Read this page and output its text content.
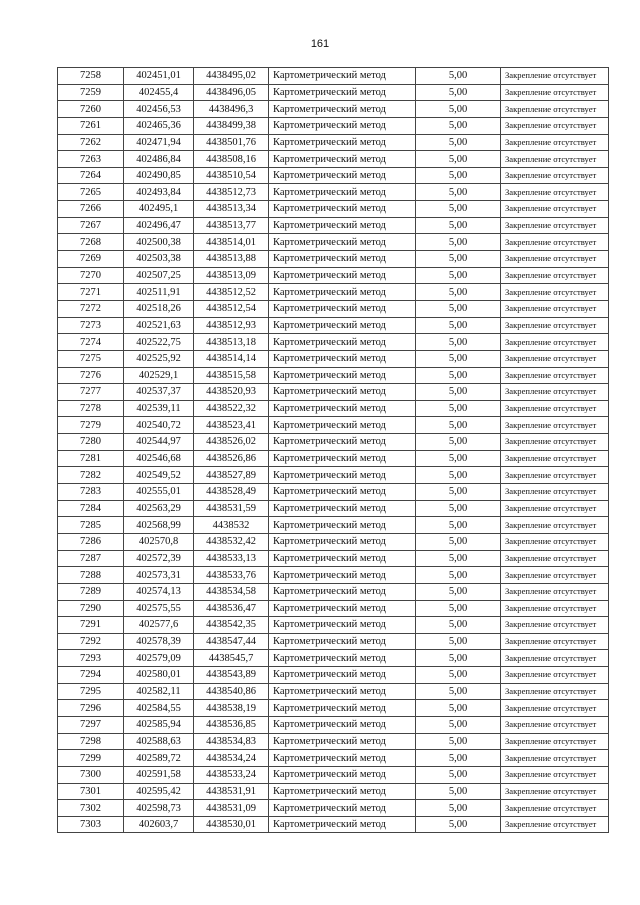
161
7258	402451,01	4438495,02	Картометрический метод	5,00	Закрепление отсутствует
7259	402455,4	4438496,05	Картометрический метод	5,00	Закрепление отсутствует
7260	402456,53	4438496,3	Картометрический метод	5,00	Закрепление отсутствует
7261	402465,36	4438499,38	Картометрический метод	5,00	Закрепление отсутствует
7262	402471,94	4438501,76	Картометрический метод	5,00	Закрепление отсутствует
7263	402486,84	4438508,16	Картометрический метод	5,00	Закрепление отсутствует
7264	402490,85	4438510,54	Картометрический метод	5,00	Закрепление отсутствует
7265	402493,84	4438512,73	Картометрический метод	5,00	Закрепление отсутствует
7266	402495,1	4438513,34	Картометрический метод	5,00	Закрепление отсутствует
7267	402496,47	4438513,77	Картометрический метод	5,00	Закрепление отсутствует
7268	402500,38	4438514,01	Картометрический метод	5,00	Закрепление отсутствует
7269	402503,38	4438513,88	Картометрический метод	5,00	Закрепление отсутствует
7270	402507,25	4438513,09	Картометрический метод	5,00	Закрепление отсутствует
7271	402511,91	4438512,52	Картометрический метод	5,00	Закрепление отсутствует
7272	402518,26	4438512,54	Картометрический метод	5,00	Закрепление отсутствует
7273	402521,63	4438512,93	Картометрический метод	5,00	Закрепление отсутствует
7274	402522,75	4438513,18	Картометрический метод	5,00	Закрепление отсутствует
7275	402525,92	4438514,14	Картометрический метод	5,00	Закрепление отсутствует
7276	402529,1	4438515,58	Картометрический метод	5,00	Закрепление отсутствует
7277	402537,37	4438520,93	Картометрический метод	5,00	Закрепление отсутствует
7278	402539,11	4438522,32	Картометрический метод	5,00	Закрепление отсутствует
7279	402540,72	4438523,41	Картометрический метод	5,00	Закрепление отсутствует
7280	402544,97	4438526,02	Картометрический метод	5,00	Закрепление отсутствует
7281	402546,68	4438526,86	Картометрический метод	5,00	Закрепление отсутствует
7282	402549,52	4438527,89	Картометрический метод	5,00	Закрепление отсутствует
7283	402555,01	4438528,49	Картометрический метод	5,00	Закрепление отсутствует
7284	402563,29	4438531,59	Картометрический метод	5,00	Закрепление отсутствует
7285	402568,99	4438532	Картометрический метод	5,00	Закрепление отсутствует
7286	402570,8	4438532,42	Картометрический метод	5,00	Закрепление отсутствует
7287	402572,39	4438533,13	Картометрический метод	5,00	Закрепление отсутствует
7288	402573,31	4438533,76	Картометрический метод	5,00	Закрепление отсутствует
7289	402574,13	4438534,58	Картометрический метод	5,00	Закрепление отсутствует
7290	402575,55	4438536,47	Картометрический метод	5,00	Закрепление отсутствует
7291	402577,6	4438542,35	Картометрический метод	5,00	Закрепление отсутствует
7292	402578,39	4438547,44	Картометрический метод	5,00	Закрепление отсутствует
7293	402579,09	4438545,7	Картометрический метод	5,00	Закрепление отсутствует
7294	402580,01	4438543,89	Картометрический метод	5,00	Закрепление отсутствует
7295	402582,11	4438540,86	Картометрический метод	5,00	Закрепление отсутствует
7296	402584,55	4438538,19	Картометрический метод	5,00	Закрепление отсутствует
7297	402585,94	4438536,85	Картометрический метод	5,00	Закрепление отсутствует
7298	402588,63	4438534,83	Картометрический метод	5,00	Закрепление отсутствует
7299	402589,72	4438534,24	Картометрический метод	5,00	Закрепление отсутствует
7300	402591,58	4438533,24	Картометрический метод	5,00	Закрепление отсутствует
7301	402595,42	4438531,91	Картометрический метод	5,00	Закрепление отсутствует
7302	402598,73	4438531,09	Картометрический метод	5,00	Закрепление отсутствует
7303	402603,7	4438530,01	Картометрический метод	5,00	Закрепление отсутствует
